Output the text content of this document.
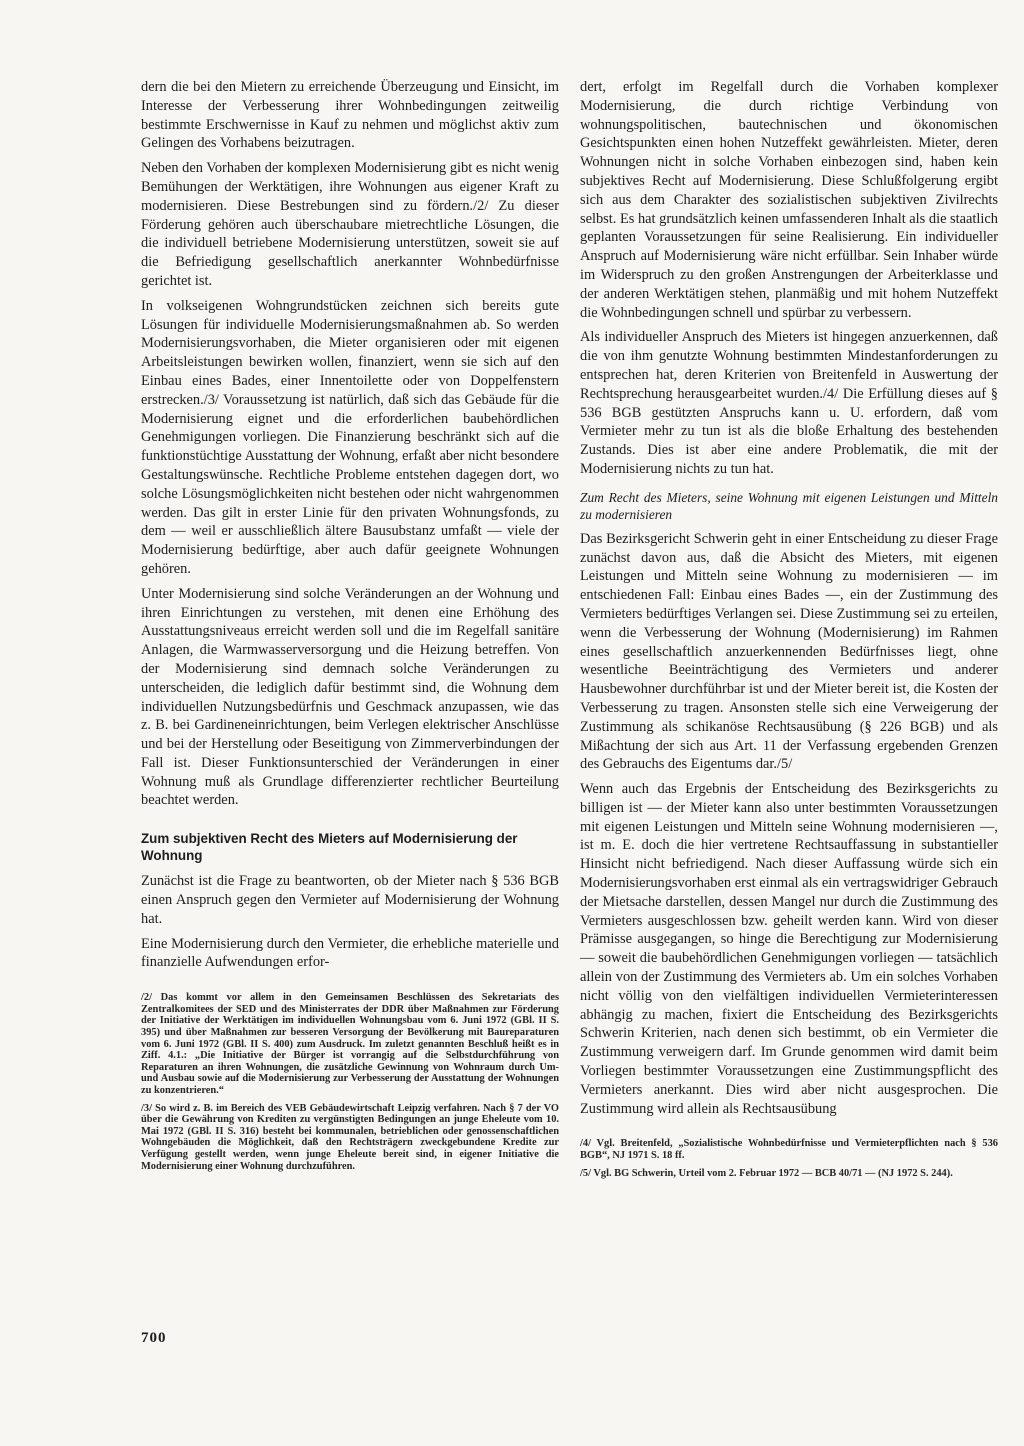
dern die bei den Mietern zu erreichende Überzeugung und Einsicht, im Interesse der Verbesserung ihrer Wohnbedingungen zeitweilig bestimmte Erschwernisse in Kauf zu nehmen und möglichst aktiv zum Gelingen des Vorhabens beizutragen.

Neben den Vorhaben der komplexen Modernisierung gibt es nicht wenig Bemühungen der Werktätigen, ihre Wohnungen aus eigener Kraft zu modernisieren. Diese Bestrebungen sind zu fördern./2/ Zu dieser Förderung gehören auch überschaubare mietrechtliche Lösungen, die die individuell betriebene Modernisierung unterstützen, soweit sie auf die Befriedigung gesellschaftlich anerkannter Wohnbedürfnisse gerichtet ist.

In volkseigenen Wohngrundstücken zeichnen sich bereits gute Lösungen für individuelle Modernisierungsmaßnahmen ab. So werden Modernisierungsvorhaben, die Mieter organisieren oder mit eigenen Arbeitsleistungen bewirken wollen, finanziert, wenn sie sich auf den Einbau eines Bades, einer Innentoilette oder von Doppelfenstern erstrecken./3/ Voraussetzung ist natürlich, daß sich das Gebäude für die Modernisierung eignet und die erforderlichen baubehördlichen Genehmigungen vorliegen. Die Finanzierung beschränkt sich auf die funktionstüchtige Ausstattung der Wohnung, erfaßt aber nicht besondere Gestaltungswünsche. Rechtliche Probleme entstehen dagegen dort, wo solche Lösungsmöglichkeiten nicht bestehen oder nicht wahrgenommen werden. Das gilt in erster Linie für den privaten Wohnungsfonds, zu dem — weil er ausschließlich ältere Bausubstanz umfaßt — viele der Modernisierung bedürftige, aber auch dafür geeignete Wohnungen gehören.

Unter Modernisierung sind solche Veränderungen an der Wohnung und ihren Einrichtungen zu verstehen, mit denen eine Erhöhung des Ausstattungsniveaus erreicht werden soll und die im Regelfall sanitäre Anlagen, die Warmwasserversorgung und die Heizung betreffen. Von der Modernisierung sind demnach solche Veränderungen zu unterscheiden, die lediglich dafür bestimmt sind, die Wohnung dem individuellen Nutzungsbedürfnis und Geschmack anzupassen, wie das z. B. bei Gardineneinrichtungen, beim Verlegen elektrischer Anschlüsse und bei der Herstellung oder Beseitigung von Zimmerverbindungen der Fall ist. Dieser Funktionsunterschied der Veränderungen in einer Wohnung muß als Grundlage differenzierter rechtlicher Beurteilung beachtet werden.

Zum subjektiven Recht des Mieters auf Modernisierung der Wohnung

Zunächst ist die Frage zu beantworten, ob der Mieter nach § 536 BGB einen Anspruch gegen den Vermieter auf Modernisierung der Wohnung hat.

Eine Modernisierung durch den Vermieter, die erhebliche materielle und finanzielle Aufwendungen erfor-

/2/ Das kommt vor allem in den Gemeinsamen Beschlüssen des Sekretariats des Zentralkomitees der SED und des Ministerrates der DDR über Maßnahmen zur Förderung der Initiative der Werktätigen im individuellen Wohnungsbau vom 6. Juni 1972 (GBl. II S. 395) und über Maßnahmen zur besseren Versorgung der Bevölkerung mit Baureparaturen vom 6. Juni 1972 (GBl. II S. 400) zum Ausdruck. Im zuletzt genannten Beschluß heißt es in Ziff. 4.1.: „Die Initiative der Bürger ist vorrangig auf die Selbstdurchführung von Reparaturen an ihren Wohnungen, die zusätzliche Gewinnung von Wohnraum durch Um- und Ausbau sowie auf die Modernisierung zur Verbesserung der Ausstattung der Wohnungen zu konzentrieren.“

/3/ So wird z. B. im Bereich des VEB Gebäudewirtschaft Leipzig verfahren. Nach § 7 der VO über die Gewährung von Krediten zu vergünstigten Bedingungen an junge Eheleute vom 10. Mai 1972 (GBl. II S. 316) besteht bei kommunalen, betrieblichen oder genossenschaftlichen Wohngebäuden die Möglichkeit, daß den Rechtsträgern zweckgebundene Kredite zur Verfügung gestellt werden, wenn junge Eheleute bereit sind, in eigener Initiative die Modernisierung einer Wohnung durchzuführen.

dert, erfolgt im Regelfall durch die Vorhaben komplexer Modernisierung, die durch richtige Verbindung von wohnungspolitischen, bautechnischen und ökonomischen Gesichtspunkten einen hohen Nutzeffekt gewährleisten. Mieter, deren Wohnungen nicht in solche Vorhaben einbezogen sind, haben kein subjektives Recht auf Modernisierung. Diese Schlußfolgerung ergibt sich aus dem Charakter des sozialistischen subjektiven Zivilrechts selbst. Es hat grundsätzlich keinen umfassenderen Inhalt als die staatlich geplanten Voraussetzungen für seine Realisierung. Ein individueller Anspruch auf Modernisierung wäre nicht erfüllbar. Sein Inhaber würde im Widerspruch zu den großen Anstrengungen der Arbeiterklasse und der anderen Werktätigen stehen, planmäßig und mit hohem Nutzeffekt die Wohnbedingungen schnell und spürbar zu verbessern.

Als individueller Anspruch des Mieters ist hingegen anzuerkennen, daß die von ihm genutzte Wohnung bestimmten Mindestanforderungen zu entsprechen hat, deren Kriterien von Breitenfeld in Auswertung der Rechtsprechung herausgearbeitet wurden./4/ Die Erfüllung dieses auf § 536 BGB gestützten Anspruchs kann u. U. erfordern, daß vom Vermieter mehr zu tun ist als die bloße Erhaltung des bestehenden Zustands. Dies ist aber eine andere Problematik, die mit der Modernisierung nichts zu tun hat.

Zum Recht des Mieters, seine Wohnung mit eigenen Leistungen und Mitteln zu modernisieren

Das Bezirksgericht Schwerin geht in einer Entscheidung zu dieser Frage zunächst davon aus, daß die Absicht des Mieters, mit eigenen Leistungen und Mitteln seine Wohnung zu modernisieren — im entschiedenen Fall: Einbau eines Bades —, ein der Zustimmung des Vermieters bedürftiges Verlangen sei. Diese Zustimmung sei zu erteilen, wenn die Verbesserung der Wohnung (Modernisierung) im Rahmen eines gesellschaftlich anzuerkennenden Bedürfnisses liegt, ohne wesentliche Beeinträchtigung des Vermieters und anderer Hausbewohner durchführbar ist und der Mieter bereit ist, die Kosten der Verbesserung zu tragen. Ansonsten stelle sich eine Verweigerung der Zustimmung als schikanöse Rechtsausübung (§ 226 BGB) und als Mißachtung der sich aus Art. 11 der Verfassung ergebenden Grenzen des Gebrauchs des Eigentums dar./5/

Wenn auch das Ergebnis der Entscheidung des Bezirksgerichts zu billigen ist — der Mieter kann also unter bestimmten Voraussetzungen mit eigenen Leistungen und Mitteln seine Wohnung modernisieren —, ist m. E. doch die hier vertretene Rechtsauffassung in substantieller Hinsicht nicht befriedigend. Nach dieser Auffassung würde sich ein Modernisierungsvorhaben erst einmal als ein vertragswidriger Gebrauch der Mietsache darstellen, dessen Mangel nur durch die Zustimmung des Vermieters ausgeschlossen bzw. geheilt werden kann. Wird von dieser Prämisse ausgegangen, so hinge die Berechtigung zur Modernisierung — soweit die baubehördlichen Genehmigungen vorliegen — tatsächlich allein von der Zustimmung des Vermieters ab. Um ein solches Vorhaben nicht völlig von den vielfältigen individuellen Vermieterinteressen abhängig zu machen, fixiert die Entscheidung des Bezirksgerichts Schwerin Kriterien, nach denen sich bestimmt, ob ein Vermieter die Zustimmung verweigern darf. Im Grunde genommen wird damit beim Vorliegen bestimmter Voraussetzungen eine Zustimmungspflicht des Vermieters anerkannt. Dies wird aber nicht ausgesprochen. Die Zustimmung wird allein als Rechtsausübung

/4/ Vgl. Breitenfeld, „Sozialistische Wohnbedürfnisse und Vermieterpflichten nach § 536 BGB“, NJ 1971 S. 18 ff.

/5/ Vgl. BG Schwerin, Urteil vom 2. Februar 1972 — BCB 40/71 — (NJ 1972 S. 244).

700
